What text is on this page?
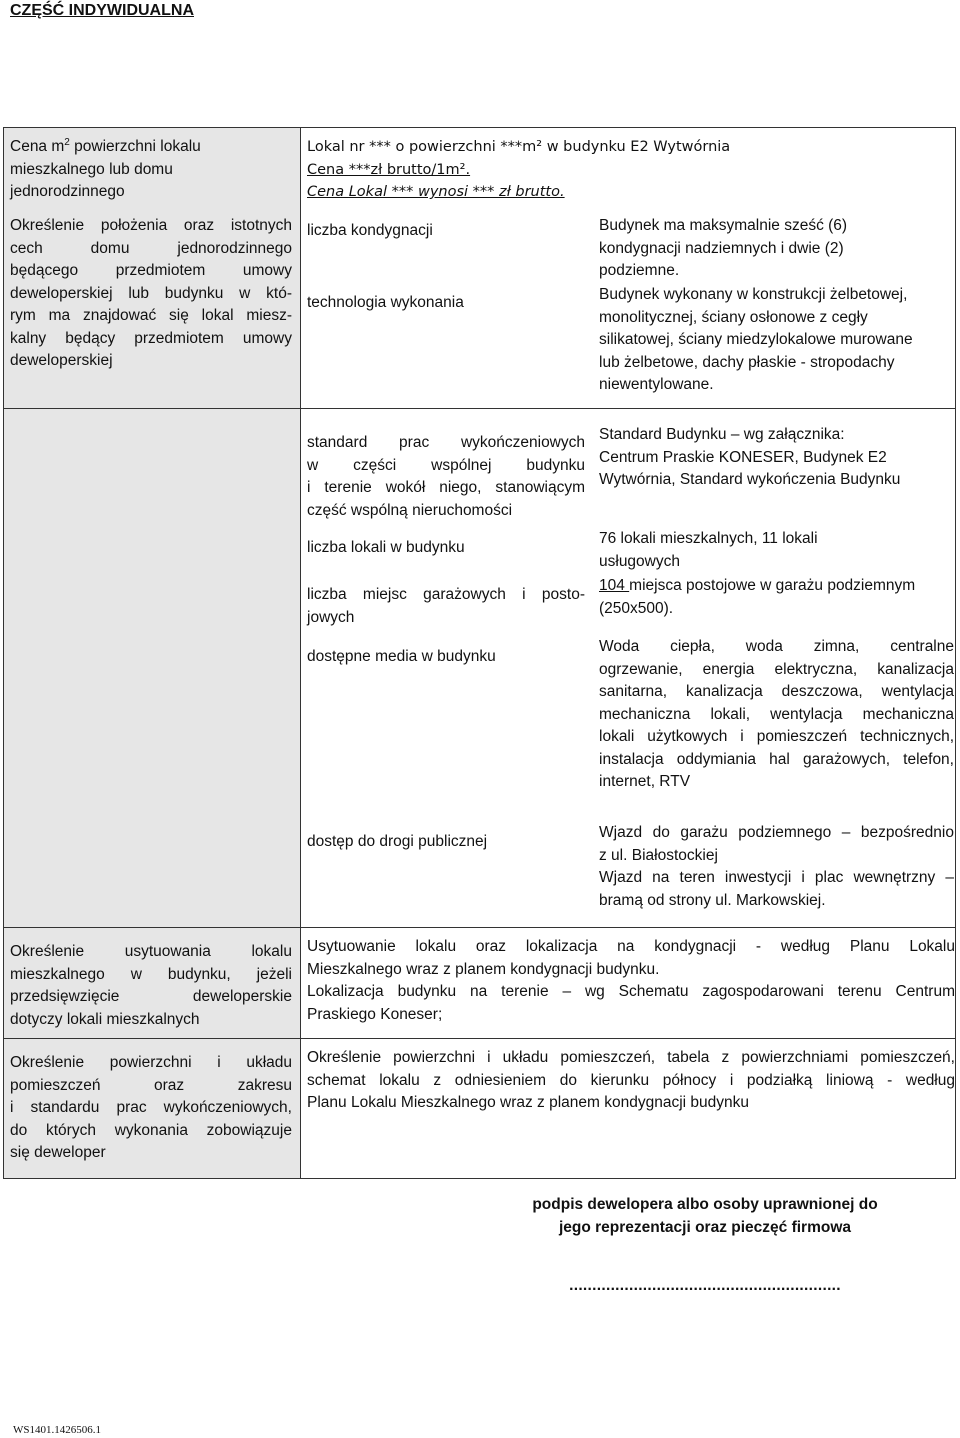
CZĘŚĆ INDYWIDUALNA
Cena $m^2$ powierzchni lokalu
mieszkalnego lub domu
jednorodzinnego
Lokal nr *** o powierzchni ***m² w budynku E2 Wytwórnia
Cena ***zł brutto/1m².
Cena Lokal *** wynosi *** zł brutto.
Określenie położenia oraz istotnych
cech domu jednorodzinnego
będącego przedmiotem umowy
deweloperskiej lub budynku w któ-
rym ma znajdować się lokal miesz-
kalny będący przedmiotem umowy
deweloperskiej
liczba kondygnacji	Budynek ma maksymalnie sześć (6)
kondygnacji nadziemnych i dwie (2)
podziemne.
technologia wykonania	Budynek wykonany w konstrukcji żelbetowej,
monolitycznej, ściany osłonowe z cegły
silikatowej, ściany miedzylokalowe murowane
lub żelbetowe, dachy płaskie - stropodachy
niewentylowane.
standard prac wykończeniowych
w części wspólnej budynku
i terenie wokół niego, stanowiącym
część wspólną nieruchomości
Standard Budynku – wg załącznika:
Centrum Praskie KONESER, Budynek E2
Wytwórnia, Standard wykończenia Budynku
liczba lokali w budynku
76 lokali mieszkalnych, 11 lokali
usługowych
liczba miejsc garażowych i posto-
jowych
104 miejsca postojowe w garażu podziemnym
(250x500).
dostępne media w budynku
Woda ciepła, woda zimna, centralne
ogrzewanie, energia elektryczna, kanalizacja
sanitarna, kanalizacja deszczowa, wentylacja
mechaniczna lokali, wentylacja mechaniczna
lokali użytkowych i pomieszczeń technicznych,
instalacja oddymiania hal garażowych, telefon,
internet, RTV
dostęp do drogi publicznej
Wjazd do garażu podziemnego – bezpośrednio
z ul. Białostockiej
Wjazd na teren inwestycji i plac wewnętrzny –
bramą od strony ul. Markowskiej.
Określenie usytuowania lokalu
mieszkalnego w budynku, jeżeli
przedsięwzięcie deweloperskie
dotyczy lokali mieszkalnych
Usytuowanie lokalu oraz lokalizacja na kondygnacji - według Planu Lokalu
Mieszkalnego wraz z planem kondygnacji budynku.
Lokalizacja budynku na terenie – wg Schematu zagospodarowani terenu Centrum
Praskiego Koneser;
Określenie powierzchni i układu
pomieszczeń oraz zakresu
i standardu prac wykończeniowych,
do których wykonania zobowiązuje
się deweloper
Określenie powierzchni i układu pomieszczeń, tabela z powierzchniami pomieszczeń,
schemat lokalu z odniesieniem do kierunku północy i podziałką liniową - według
Planu Lokalu Mieszkalnego wraz z planem kondygnacji budynku
podpis dewelopera albo osoby uprawnionej do
jego reprezentacji oraz pieczęć firmowa
...........................................................
WS1401.1426506.1
